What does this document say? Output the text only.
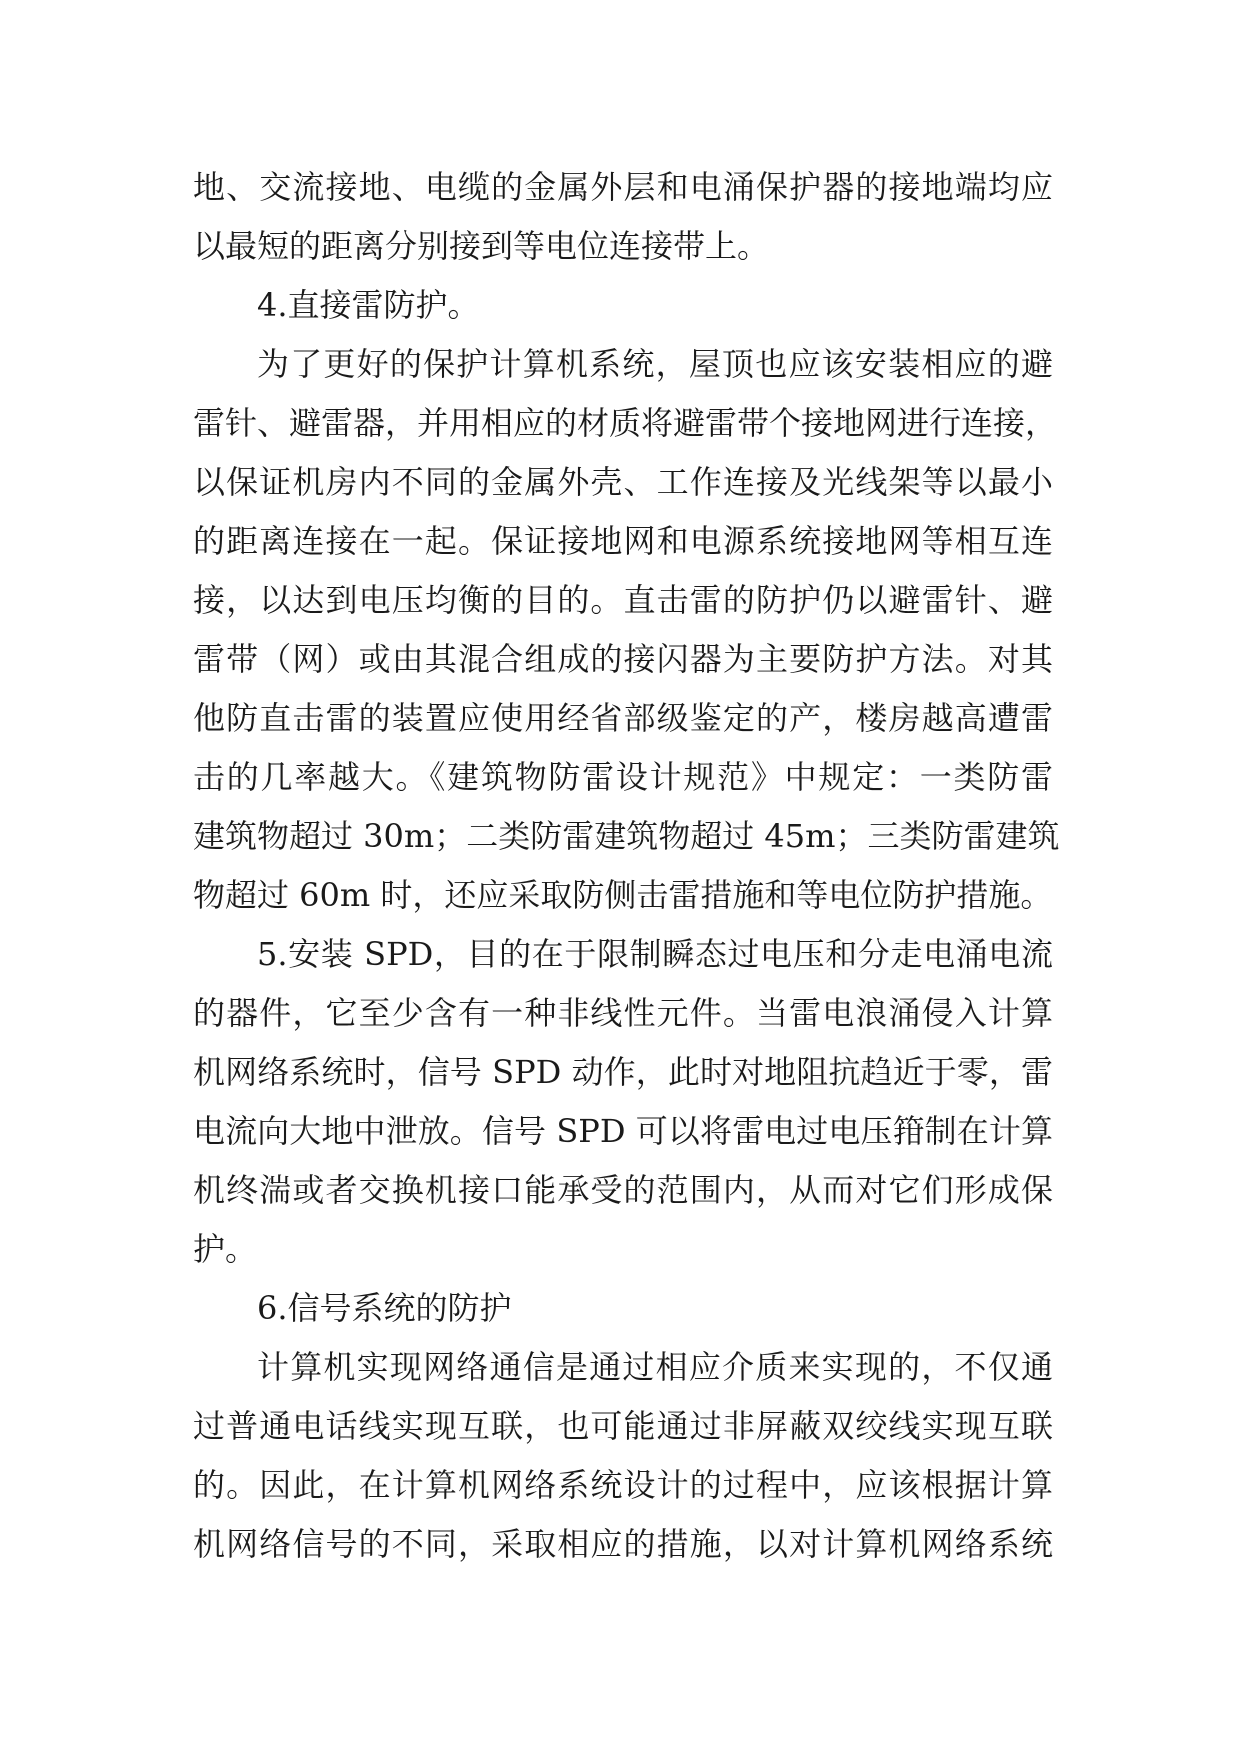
地、交流接地、电缆的金属外层和电涌保护器的接地端均应
以最短的距离分别接到等电位连接带上。
4.直接雷防护。
为了更好的保护计算机系统，屋顶也应该安装相应的避
雷针、避雷器，并用相应的材质将避雷带个接地网进行连接，
以保证机房内不同的金属外壳、工作连接及光线架等以最小
的距离连接在一起。保证接地网和电源系统接地网等相互连
接，以达到电压均衡的目的。直击雷的防护仍以避雷针、避
雷带（网）或由其混合组成的接闪器为主要防护方法。对其
他防直击雷的装置应使用经省部级鉴定的产，楼房越高遭雷
击的几率越大。《建筑物防雷设计规范》中规定：一类防雷
建筑物超过 30m；二类防雷建筑物超过 45m；三类防雷建筑
物超过 60m 时，还应采取防侧击雷措施和等电位防护措施。
5.安装 SPD，目的在于限制瞬态过电压和分走电涌电流
的器件，它至少含有一种非线性元件。当雷电浪涌侵入计算
机网络系统时，信号 SPD 动作，此时对地阻抗趋近于零，雷
电流向大地中泄放。信号 SPD 可以将雷电过电压箝制在计算
机终湍或者交换机接口能承受的范围内，从而对它们形成保
护。
6.信号系统的防护
计算机实现网络通信是通过相应介质来实现的，不仅通
过普通电话线实现互联，也可能通过非屏蔽双绞线实现互联
的。因此，在计算机网络系统设计的过程中，应该根据计算
机网络信号的不同，采取相应的措施，以对计算机网络系统
